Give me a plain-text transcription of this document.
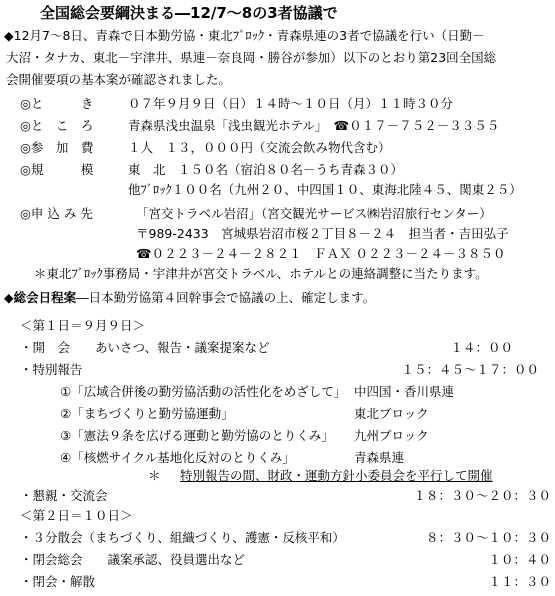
全国総会要綱決まる―12/7～8の3者協議で
◆12月7～8日、青森で日本勤労協・東北ﾌﾞﾛｯｸ・青森県連の3者で協議を行い（日勤－
大沼・タナカ、東北－宇津井、県連－奈良岡・勝谷が参加）以下のとおり第23回全国総
会開催要項の基本案が確認されました。
◎と　　　き	０７年９月９日（日）１４時～１０日（月）１１時３０分
◎と　こ　ろ	青森県浅虫温泉「浅虫観光ホテル」　☎０１７－７５２－３３５５
◎参　加　費	１人　１３，０００円（交流会飲み物代含む）
◎規　　　模	東　北　１５０名（宿泊８０名－うち青森３０）
他ﾌﾞﾛｯｸ１００名（九州２０、中四国１０、東海北陸４５、関東２５）
◎申 込 み 先	「宮交トラベル岩沼」（宮交観光サービス㈱岩沼旅行センター）
〒989-2433　宮城県岩沼市桜２丁目８－２４　担当者・吉田弘子
☎０２２３－２４－２８２１　ＦＡＸ ０２２３－２４－３８５０
＊東北ﾌﾞﾛｯｸ事務局・宇津井が宮交トラベル、ホテルとの連絡調整に当たります。
◆総会日程案―日本勤労協第４回幹事会で協議の上、確定します。
＜第１日＝９月９日＞
・開　会　　あいさつ、報告・議案提案など	１４：００
・特別報告	１５：４５～１７：００
①「広域合併後の勤労協活動の活性化をめざして」 中四国・香川県連
②「まちづくりと勤労協運動」	東北ブロック
③「憲法９条を広げる運動と勤労協のとりくみ」 九州ブロック
④「核燃サイクル基地化反対のとりくみ」	青森県連
＊ 特別報告の間、財政・運動方針小委員会を平行して開催
・懇親・交流会	１８：３０～２０：３０
＜第２日＝１０日＞
・３分散会（まちづくり、組織づくり、護憲・反核平和）	８：３０～１０：３０
・閉会総会　　議案承認、役員選出など	１０：４０
・閉会・解散	１１：３０
